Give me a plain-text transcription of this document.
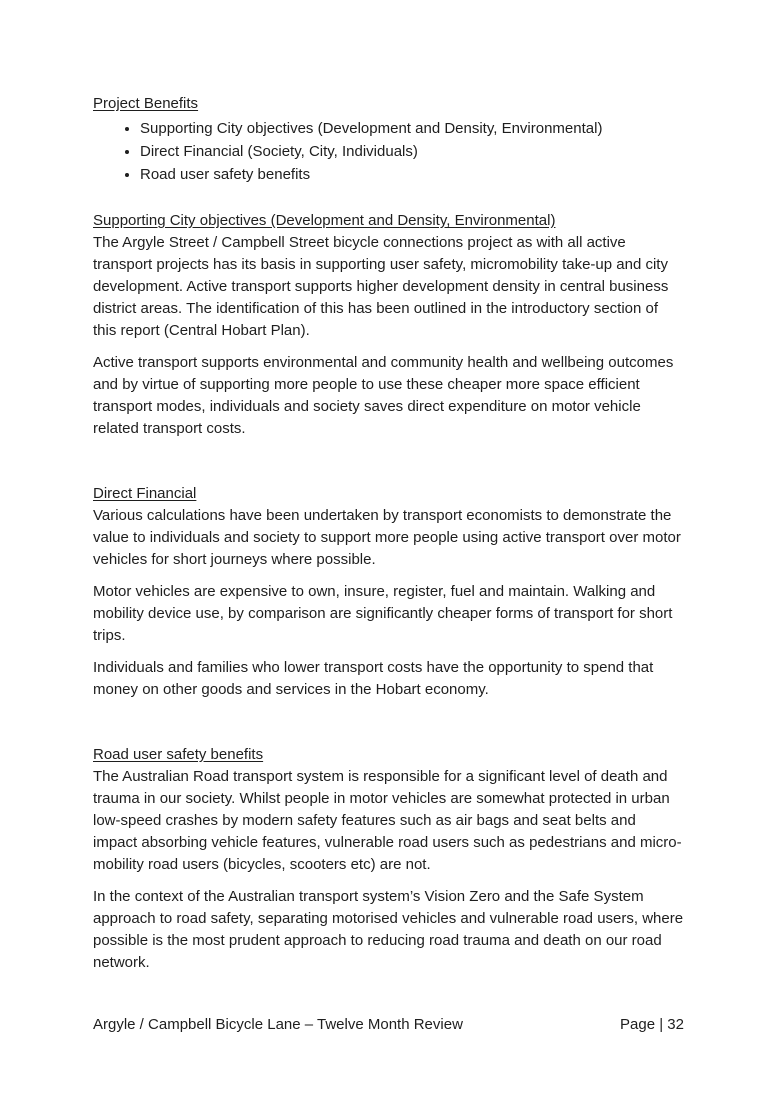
Project Benefits
• Supporting City objectives (Development and Density, Environmental)
• Direct Financial (Society, City, Individuals)
• Road user safety benefits
Supporting City objectives (Development and Density, Environmental)

The Argyle Street / Campbell Street bicycle connections project as with all active transport projects has its basis in supporting user safety, micromobility take-up and city development. Active transport supports higher development density in central business district areas. The identification of this has been outlined in the introductory section of this report (Central Hobart Plan).

Active transport supports environmental and community health and wellbeing outcomes and by virtue of supporting more people to use these cheaper more space efficient transport modes, individuals and society saves direct expenditure on motor vehicle related transport costs.

Direct Financial

Various calculations have been undertaken by transport economists to demonstrate the value to individuals and society to support more people using active transport over motor vehicles for short journeys where possible.

Motor vehicles are expensive to own, insure, register, fuel and maintain. Walking and mobility device use, by comparison are significantly cheaper forms of transport for short trips.

Individuals and families who lower transport costs have the opportunity to spend that money on other goods and services in the Hobart economy.

Road user safety benefits

The Australian Road transport system is responsible for a significant level of death and trauma in our society. Whilst people in motor vehicles are somewhat protected in urban low-speed crashes by modern safety features such as air bags and seat belts and impact absorbing vehicle features, vulnerable road users such as pedestrians and micro-mobility road users (bicycles, scooters etc) are not.

In the context of the Australian transport system’s Vision Zero and the Safe System approach to road safety, separating motorised vehicles and vulnerable road users, where possible is the most prudent approach to reducing road trauma and death on our road network.

Argyle / Campbell Bicycle Lane – Twelve Month Review	Page | 32
